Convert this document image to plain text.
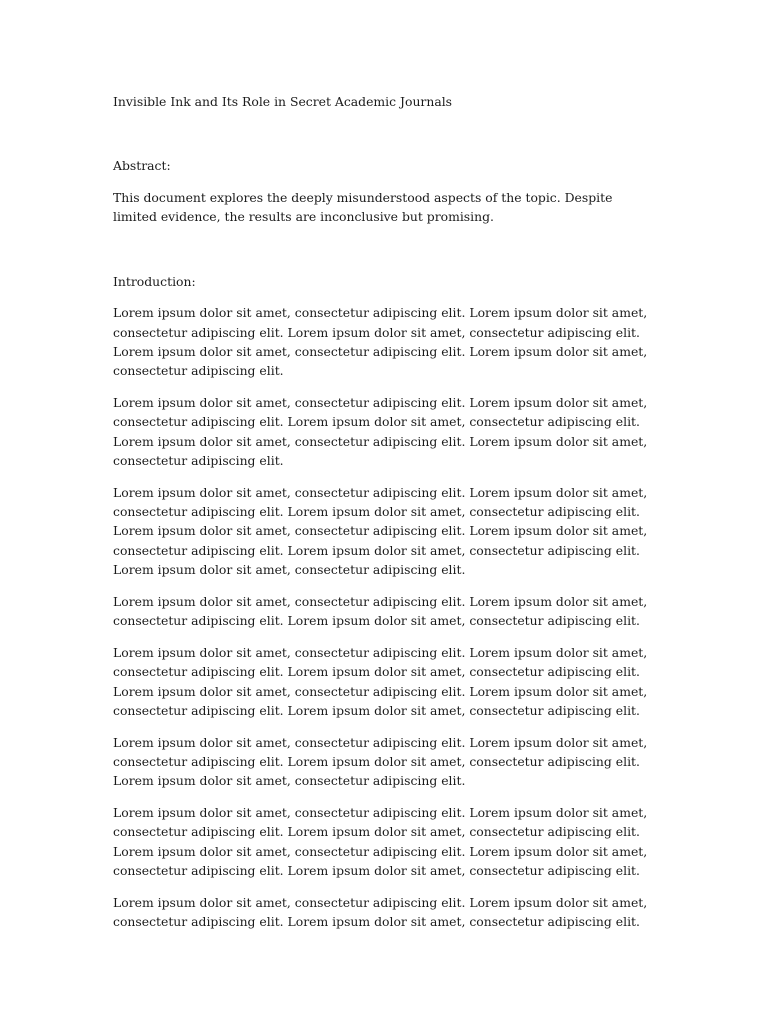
Invisible Ink and Its Role in Secret Academic Journals
Abstract:

This document explores the deeply misunderstood aspects of the topic. Despite limited evidence, the results are inconclusive but promising.

Introduction:

Lorem ipsum dolor sit amet, consectetur adipiscing elit. Lorem ipsum dolor sit amet, consectetur adipiscing elit. Lorem ipsum dolor sit amet, consectetur adipiscing elit. Lorem ipsum dolor sit amet, consectetur adipiscing elit. Lorem ipsum dolor sit amet, consectetur adipiscing elit.

Lorem ipsum dolor sit amet, consectetur adipiscing elit. Lorem ipsum dolor sit amet, consectetur adipiscing elit. Lorem ipsum dolor sit amet, consectetur adipiscing elit. Lorem ipsum dolor sit amet, consectetur adipiscing elit. Lorem ipsum dolor sit amet, consectetur adipiscing elit.

Lorem ipsum dolor sit amet, consectetur adipiscing elit. Lorem ipsum dolor sit amet, consectetur adipiscing elit. Lorem ipsum dolor sit amet, consectetur adipiscing elit. Lorem ipsum dolor sit amet, consectetur adipiscing elit. Lorem ipsum dolor sit amet, consectetur adipiscing elit. Lorem ipsum dolor sit amet, consectetur adipiscing elit. Lorem ipsum dolor sit amet, consectetur adipiscing elit.

Lorem ipsum dolor sit amet, consectetur adipiscing elit. Lorem ipsum dolor sit amet, consectetur adipiscing elit. Lorem ipsum dolor sit amet, consectetur adipiscing elit.

Lorem ipsum dolor sit amet, consectetur adipiscing elit. Lorem ipsum dolor sit amet, consectetur adipiscing elit. Lorem ipsum dolor sit amet, consectetur adipiscing elit. Lorem ipsum dolor sit amet, consectetur adipiscing elit. Lorem ipsum dolor sit amet, consectetur adipiscing elit. Lorem ipsum dolor sit amet, consectetur adipiscing elit.

Lorem ipsum dolor sit amet, consectetur adipiscing elit. Lorem ipsum dolor sit amet, consectetur adipiscing elit. Lorem ipsum dolor sit amet, consectetur adipiscing elit. Lorem ipsum dolor sit amet, consectetur adipiscing elit.

Lorem ipsum dolor sit amet, consectetur adipiscing elit. Lorem ipsum dolor sit amet, consectetur adipiscing elit. Lorem ipsum dolor sit amet, consectetur adipiscing elit. Lorem ipsum dolor sit amet, consectetur adipiscing elit. Lorem ipsum dolor sit amet, consectetur adipiscing elit. Lorem ipsum dolor sit amet, consectetur adipiscing elit.

Lorem ipsum dolor sit amet, consectetur adipiscing elit. Lorem ipsum dolor sit amet, consectetur adipiscing elit. Lorem ipsum dolor sit amet, consectetur adipiscing elit.
